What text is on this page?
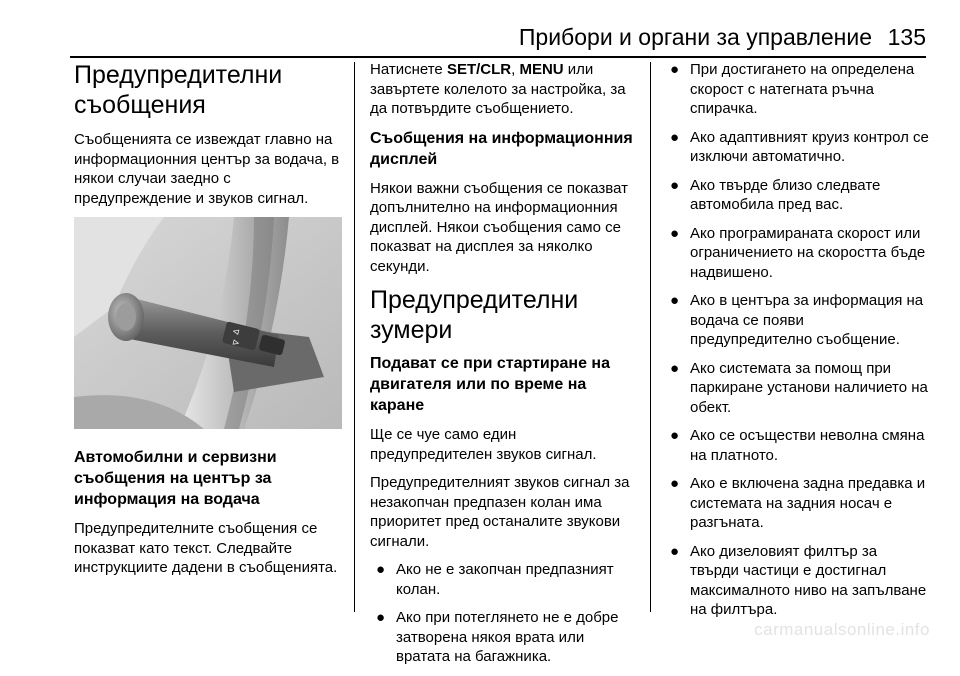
Прибори и органи за управление 135
Предупредителни съобщения

Съобщенията се извеждат главно на информационния център за водача, в някои случаи заедно с предупреждение и звуков сигнал.

⊲
⊳
Автомобилни и сервизни съобщения на център за информация на водача

Предупредителните съобщения се показват като текст. Следвайте инструкциите дадени в съобщенията.

Натиснете SET/CLR, MENU или завъртете колелото за настройка, за да потвърдите съобщението.

Съобщения на информационния дисплей

Някои важни съобщения се показват допълнително на информационния дисплей. Някои съобщения само се показват на дисплея за няколко секунди.

Предупредителни зумери
Подават се при стартиране на двигателя или по време на каране

Ще се чуе само един предупредителен звуков сигнал.

Предупредителният звуков сигнал за незакопчан предпазен колан има приоритет пред останалите звукови сигнали.

● Ако не е закопчан предпазният колан.
● Ако при потеглянето не е добре затворена някоя врата или вратата на багажника.
● При достигането на определена скорост с натегната ръчна спирачка.
● Ако адаптивният круиз контрол се изключи автоматично.
● Ако твърде близо следвате автомобила пред вас.
● Ако програмираната скорост или ограничението на скоростта бъде надвишено.
● Ако в центъра за информация на водача се появи предупредително съобщение.
● Ако системата за помощ при паркиране установи наличието на обект.
● Ако се осъществи неволна смяна на платното.
● Ако е включена задна предавка и системата на задния носач е разгъната.
● Ако дизеловият филтър за твърди частици е достигнал максималното ниво на запълване на филтъра.
carmanualsonline.info
